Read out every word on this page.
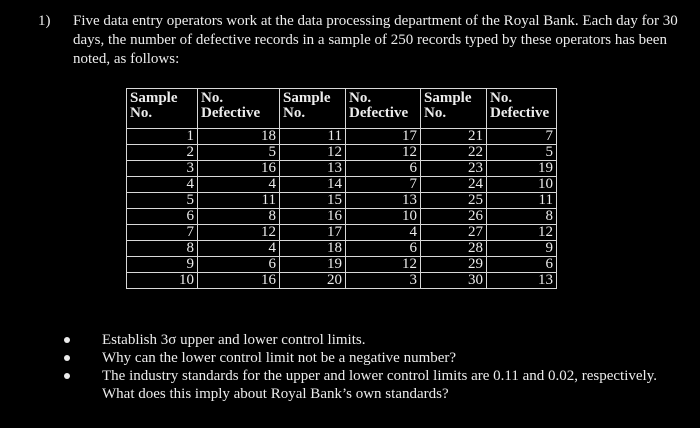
1) Five data entry operators work at the data processing department of the Royal Bank. Each day for 30 days, the number of defective records in a sample of 250 records typed by these operators has been noted, as follows:
Sample No.	No. Defective	Sample No.	No. Defective	Sample No.	No. Defective
1	18	11	17	21	7
2	5	12	12	22	5
3	16	13	6	23	19
4	4	14	7	24	10
5	11	15	13	25	11
6	8	16	10	26	8
7	12	17	4	27	12
8	4	18	6	28	9
9	6	19	12	29	6
10	16	20	3	30	13
Establish 3σ upper and lower control limits.
Why can the lower control limit not be a negative number?
The industry standards for the upper and lower control limits are 0.11 and 0.02, respectively. What does this imply about Royal Bank’s own standards?
